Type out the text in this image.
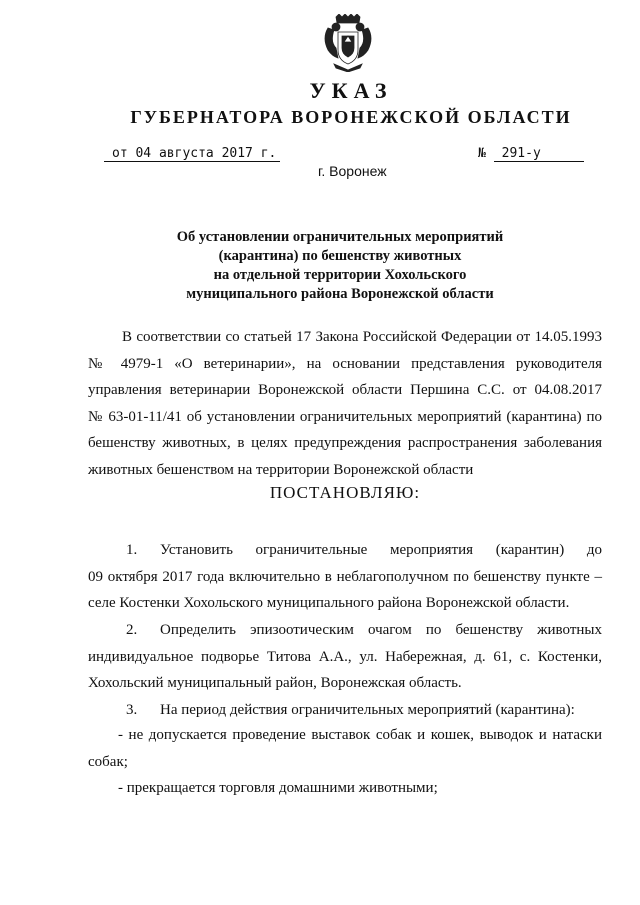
УКАЗ
ГУБЕРНАТОРА ВОРОНЕЖСКОЙ ОБЛАСТИ
от 04 августа 2017 г.	№ 291-у
г. Воронеж
Об установлении ограничительных мероприятий
(карантина) по бешенству животных
на отдельной территории Хохольского
муниципального района Воронежской области
В соответствии со статьей 17 Закона Российской Федерации от 14.05.1993
№ 4979-1 «О ветеринарии», на основании представления руководителя
управления ветеринарии Воронежской области Першина С.С. от 04.08.2017
№ 63-01-11/41 об установлении ограничительных мероприятий (карантина) по
бешенству животных, в целях предупреждения распространения заболевания
животных бешенством на территории Воронежской области
ПОСТАНОВЛЯЮ:
1. Установить ограничительные мероприятия (карантин) до
09 октября 2017 года включительно в неблагополучном по бешенству пункте –
селе Костенки Хохольского муниципального района Воронежской области.
2. Определить эпизоотическим очагом по бешенству животных
индивидуальное подворье Титова А.А., ул. Набережная, д. 61, с. Костенки,
Хохольский муниципальный район, Воронежская область.
3. На период действия ограничительных мероприятий (карантина):
- не допускается проведение выставок собак и кошек, выводок и натаски
собак;
- прекращается торговля домашними животными;
